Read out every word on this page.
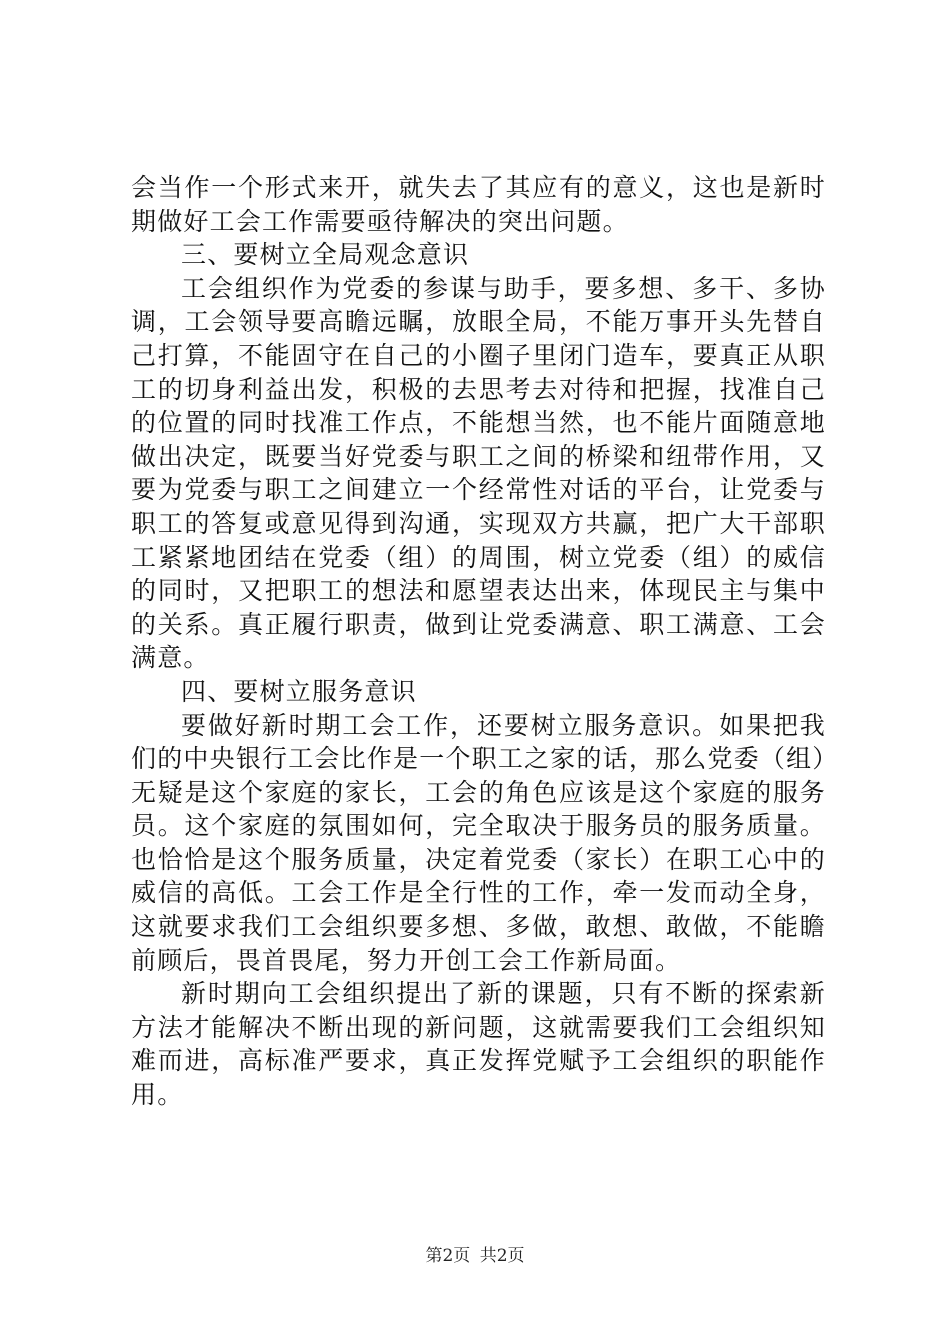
会当作一个形式来开，就失去了其应有的意义，这也是新时期做好工会工作需要亟待解决的突出问题。

三、要树立全局观念意识

工会组织作为党委的参谋与助手，要多想、多干、多协调，工会领导要高瞻远瞩，放眼全局，不能万事开头先替自己打算，不能固守在自己的小圈子里闭门造车，要真正从职工的切身利益出发，积极的去思考去对待和把握，找准自己的位置的同时找准工作点，不能想当然，也不能片面随意地做出决定，既要当好党委与职工之间的桥梁和纽带作用，又要为党委与职工之间建立一个经常性对话的平台，让党委与职工的答复或意见得到沟通，实现双方共赢，把广大干部职工紧紧地团结在党委（组）的周围，树立党委（组）的威信的同时，又把职工的想法和愿望表达出来，体现民主与集中的关系。真正履行职责，做到让党委满意、职工满意、工会满意。

四、要树立服务意识

要做好新时期工会工作，还要树立服务意识。如果把我们的中央银行工会比作是一个职工之家的话，那么党委（组）无疑是这个家庭的家长，工会的角色应该是这个家庭的服务员。这个家庭的氛围如何，完全取决于服务员的服务质量。也恰恰是这个服务质量，决定着党委（家长）在职工心中的威信的高低。工会工作是全行性的工作，牵一发而动全身，这就要求我们工会组织要多想、多做，敢想、敢做，不能瞻前顾后，畏首畏尾，努力开创工会工作新局面。

新时期向工会组织提出了新的课题，只有不断的探索新方法才能解决不断出现的新问题，这就需要我们工会组织知难而进，高标准严要求，真正发挥党赋予工会组织的职能作用。

第2页 共2页
